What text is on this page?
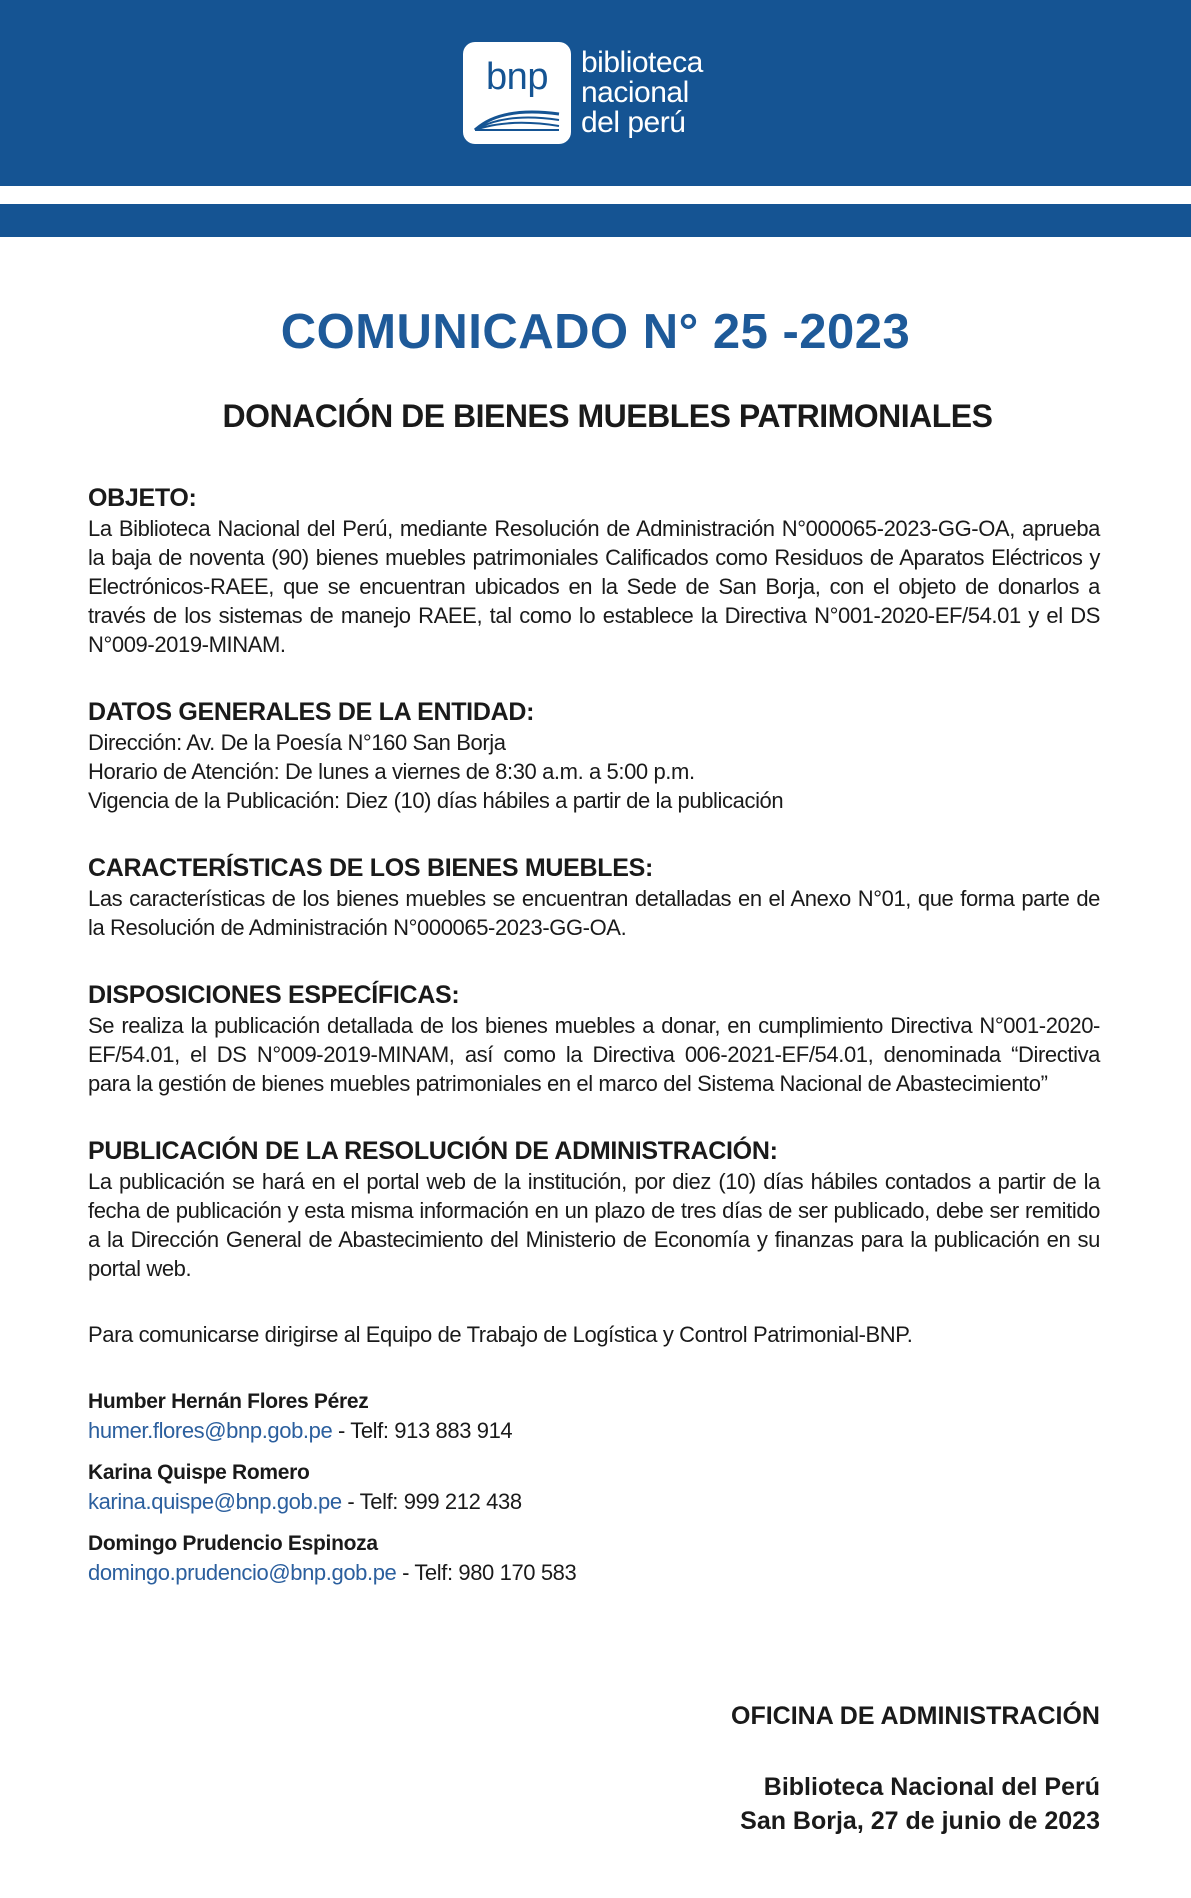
bnp	biblioteca
nacional
del perú
COMUNICADO N° 25 -2023
DONACIÓN DE BIENES MUEBLES PATRIMONIALES
OBJETO:

La Biblioteca Nacional del Perú, mediante Resolución de Administración N°000065-2023-GG-OA, aprueba la baja de noventa (90) bienes muebles patrimoniales Calificados como Residuos de Aparatos Eléctricos y Electrónicos-RAEE, que se encuentran ubicados en la Sede de San Borja, con el objeto de donarlos a través de los sistemas de manejo RAEE, tal como lo establece la Directiva N°001-2020-EF/54.01 y el DS N°009-2019-MINAM.

DATOS GENERALES DE LA ENTIDAD:

Dirección: Av. De la Poesía N°160 San Borja

Horario de Atención: De lunes a viernes de 8:30 a.m. a 5:00 p.m.

Vigencia de la Publicación: Diez (10) días hábiles a partir de la publicación

CARACTERÍSTICAS DE LOS BIENES MUEBLES:

Las características de los bienes muebles se encuentran detalladas en el Anexo N°01, que forma parte de la Resolución de Administración N°000065-2023-GG-OA.

DISPOSICIONES ESPECÍFICAS:

Se realiza la publicación detallada de los bienes muebles a donar, en cumplimiento Directiva N°001-2020-EF/54.01, el DS N°009-2019-MINAM, así como la Directiva 006-2021-EF/54.01, denominada “Directiva para la gestión de bienes muebles patrimoniales en el marco del Sistema Nacional de Abastecimiento”

PUBLICACIÓN DE LA RESOLUCIÓN DE ADMINISTRACIÓN:

La publicación se hará en el portal web de la institución, por diez (10) días hábiles contados a partir de la fecha de publicación y esta misma información en un plazo de tres días de ser publicado, debe ser remitido a la Dirección General de Abastecimiento del Ministerio de Economía y finanzas para la publicación en su portal web.

Para comunicarse dirigirse al Equipo de Trabajo de Logística y Control Patrimonial-BNP.

Humber Hernán Flores Pérez
humer.flores@bnp.gob.pe - Telf: 913 883 914
Karina Quispe Romero
karina.quispe@bnp.gob.pe - Telf: 999 212 438
Domingo Prudencio Espinoza
domingo.prudencio@bnp.gob.pe - Telf: 980 170 583
OFICINA DE ADMINISTRACIÓN
Biblioteca Nacional del Perú
San Borja, 27 de junio de 2023
